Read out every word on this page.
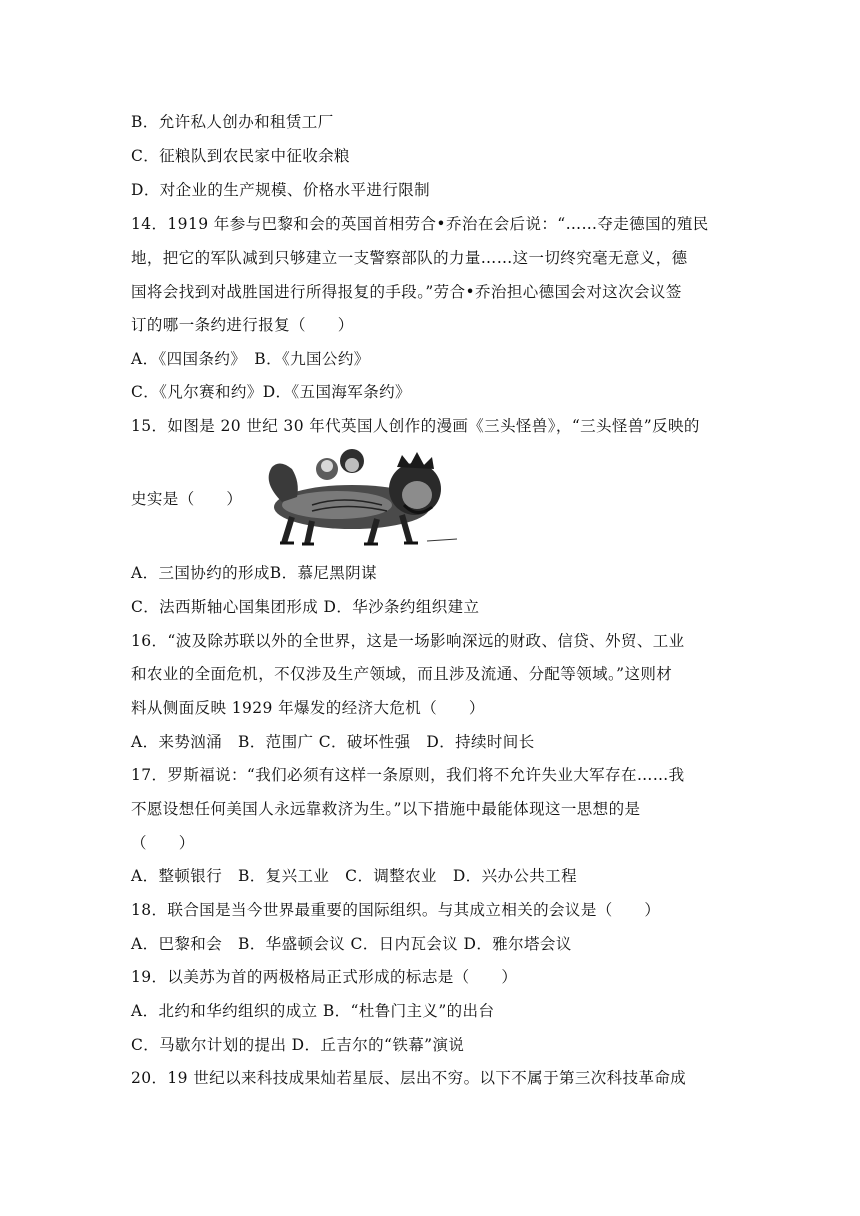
B．允许私人创办和租赁工厂
C．征粮队到农民家中征收余粮
D．对企业的生产规模、价格水平进行限制
14．1919 年参与巴黎和会的英国首相劳合•乔治在会后说：“……夺走德国的殖民
地，把它的军队减到只够建立一支警察部队的力量……这一切终究毫无意义，德
国将会找到对战胜国进行所得报复的手段。”劳合•乔治担心德国会对这次会议签
订的哪一条约进行报复（　　）
A．《四国条约》　B．《九国公约》
C．《凡尔赛和约》D．《五国海军条约》
15．如图是 20 世纪 30 年代英国人创作的漫画《三头怪兽》，“三头怪兽”反映的
史实是（　　）
A．三国协约的形成B．慕尼黑阴谋
C．法西斯轴心国集团形成 D．华沙条约组织建立
16．“波及除苏联以外的全世界，这是一场影响深远的财政、信贷、外贸、工业
和农业的全面危机，不仅涉及生产领域，而且涉及流通、分配等领域。”这则材
料从侧面反映 1929 年爆发的经济大危机（　　）
A．来势汹涌　B．范围广 C．破坏性强　D．持续时间长
17．罗斯福说：“我们必须有这样一条原则，我们将不允许失业大军存在……我
不愿设想任何美国人永远靠救济为生。”以下措施中最能体现这一思想的是
（　　）
A．整顿银行　B．复兴工业　C．调整农业　D．兴办公共工程
18．联合国是当今世界最重要的国际组织。与其成立相关的会议是（　　）
A．巴黎和会　B．华盛顿会议 C．日内瓦会议 D．雅尔塔会议
19．以美苏为首的两极格局正式形成的标志是（　　）
A．北约和华约组织的成立 B．“杜鲁门主义”的出台
C．马歇尔计划的提出 D．丘吉尔的“铁幕”演说
20．19 世纪以来科技成果灿若星辰、层出不穷。以下不属于第三次科技革命成
